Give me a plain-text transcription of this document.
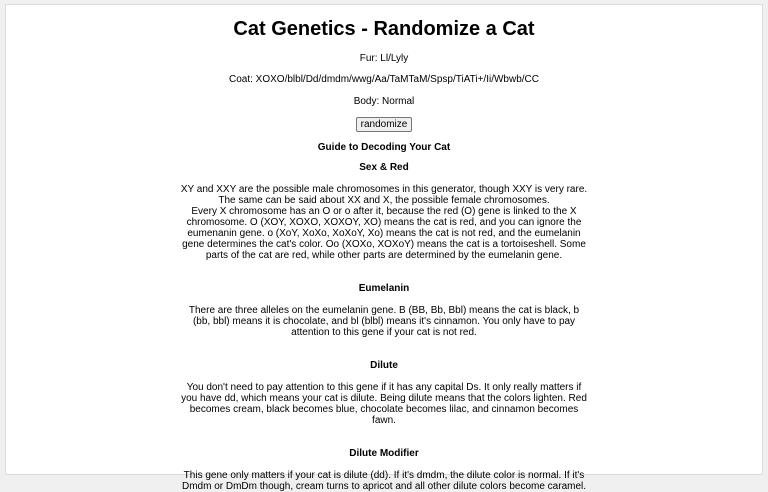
Cat Genetics - Randomize a Cat

Fur: Ll/Lyly

Coat: XOXO/blbl/Dd/dmdm/wwg/Aa/TaMTaM/Spsp/TiATi+/Ii/Wbwb/CC

Body: Normal

randomize
Guide to Decoding Your Cat
Sex & Red

XY and XXY are the possible male chromosomes in this generator, though XXY is very rare. The same can be said about XX and X, the possible female chromosomes.
Every X chromosome has an O or o after it, because the red (O) gene is linked to the X chromosome. O (XOY, XOXO, XOXOY, XO) means the cat is red, and you can ignore the eumenanin gene. o (XoY, XoXo, XoXoY, Xo) means the cat is not red, and the eumelanin gene determines the cat's color. Oo (XOXo, XOXoY) means the cat is a tortoiseshell. Some parts of the cat are red, while other parts are determined by the eumelanin gene.

Eumelanin

There are three alleles on the eumelanin gene. B (BB, Bb, Bbl) means the cat is black, b (bb, bbl) means it is chocolate, and bl (blbl) means it's cinnamon. You only have to pay attention to this gene if your cat is not red.

Dilute

You don't need to pay attention to this gene if it has any capital Ds. It only really matters if you have dd, which means your cat is dilute. Being dilute means that the colors lighten. Red becomes cream, black becomes blue, chocolate becomes lilac, and cinnamon becomes fawn.

Dilute Modifier

This gene only matters if your cat is dilute (dd). If it's dmdm, the dilute color is normal. If it's Dmdm or DmDm though, cream turns to apricot and all other dilute colors become caramel.
